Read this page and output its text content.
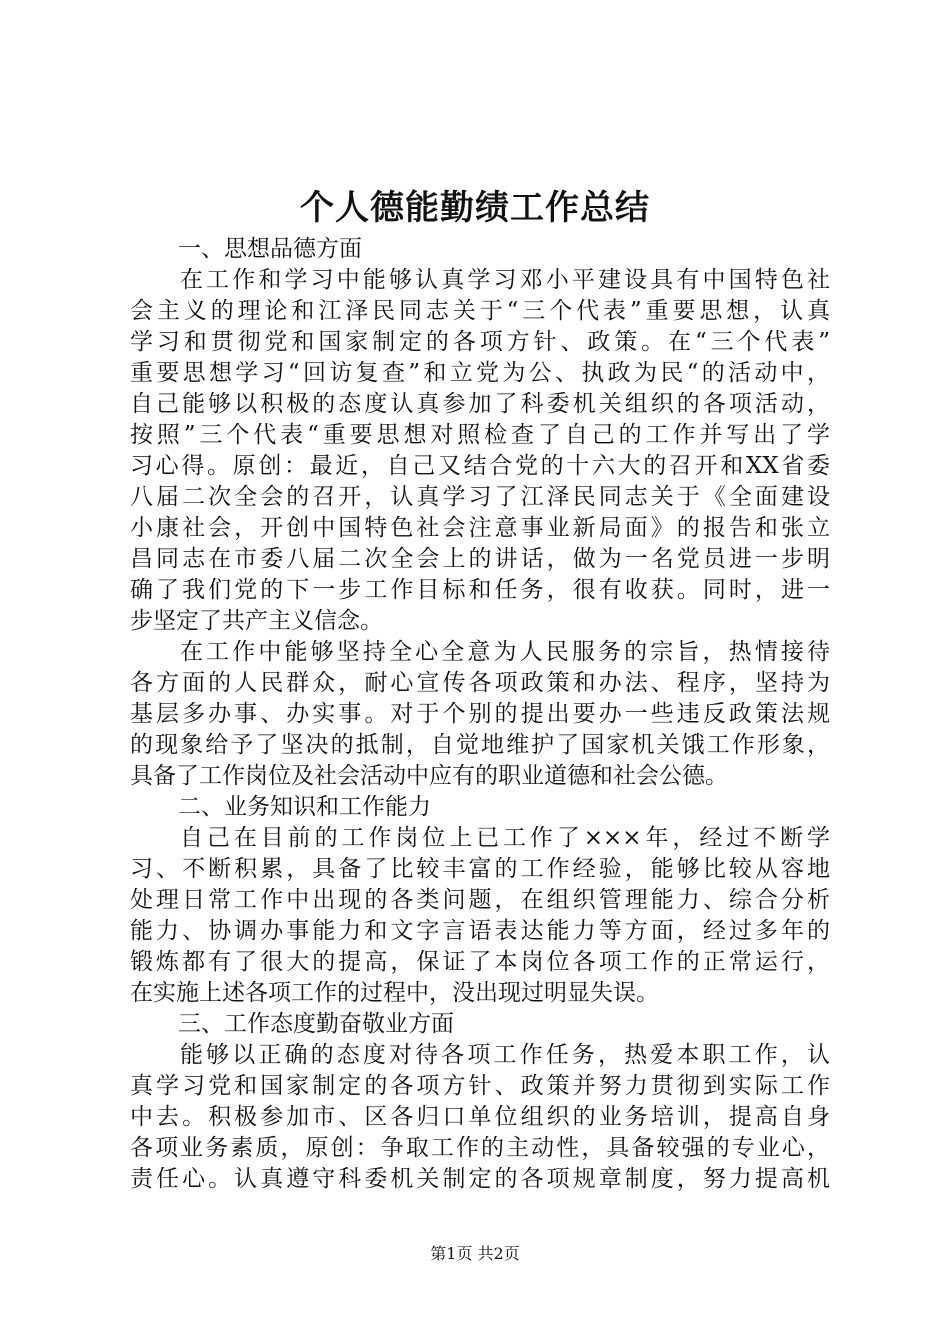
个人德能勤绩工作总结
一、思想品德方面
在工作和学习中能够认真学习邓小平建设具有中国特色社
会主义的理论和江泽民同志关于“三个代表”重要思想，认真
学习和贯彻党和国家制定的各项方针、政策。在“三个代表”
重要思想学习“回访复查”和立党为公、执政为民“的活动中，
自己能够以积极的态度认真参加了科委机关组织的各项活动，
按照”三个代表“重要思想对照检查了自己的工作并写出了学
习心得。原创：最近，自己又结合党的十六大的召开和XX省委
八届二次全会的召开，认真学习了江泽民同志关于《全面建设
小康社会，开创中国特色社会注意事业新局面》的报告和张立
昌同志在市委八届二次全会上的讲话，做为一名党员进一步明
确了我们党的下一步工作目标和任务，很有收获。同时，进一
步坚定了共产主义信念。
在工作中能够坚持全心全意为人民服务的宗旨，热情接待
各方面的人民群众，耐心宣传各项政策和办法、程序，坚持为
基层多办事、办实事。对于个别的提出要办一些违反政策法规
的现象给予了坚决的抵制，自觉地维护了国家机关饿工作形象，
具备了工作岗位及社会活动中应有的职业道德和社会公德。
二、业务知识和工作能力
自己在目前的工作岗位上已工作了×××年，经过不断学
习、不断积累，具备了比较丰富的工作经验，能够比较从容地
处理日常工作中出现的各类问题，在组织管理能力、综合分析
能力、协调办事能力和文字言语表达能力等方面，经过多年的
锻炼都有了很大的提高，保证了本岗位各项工作的正常运行，
在实施上述各项工作的过程中，没出现过明显失误。
三、工作态度勤奋敬业方面
能够以正确的态度对待各项工作任务，热爱本职工作，认
真学习党和国家制定的各项方针、政策并努力贯彻到实际工作
中去。积极参加市、区各归口单位组织的业务培训，提高自身
各项业务素质，原创：争取工作的主动性，具备较强的专业心，
责任心。认真遵守科委机关制定的各项规章制度，努力提高机
第1页 共2页
